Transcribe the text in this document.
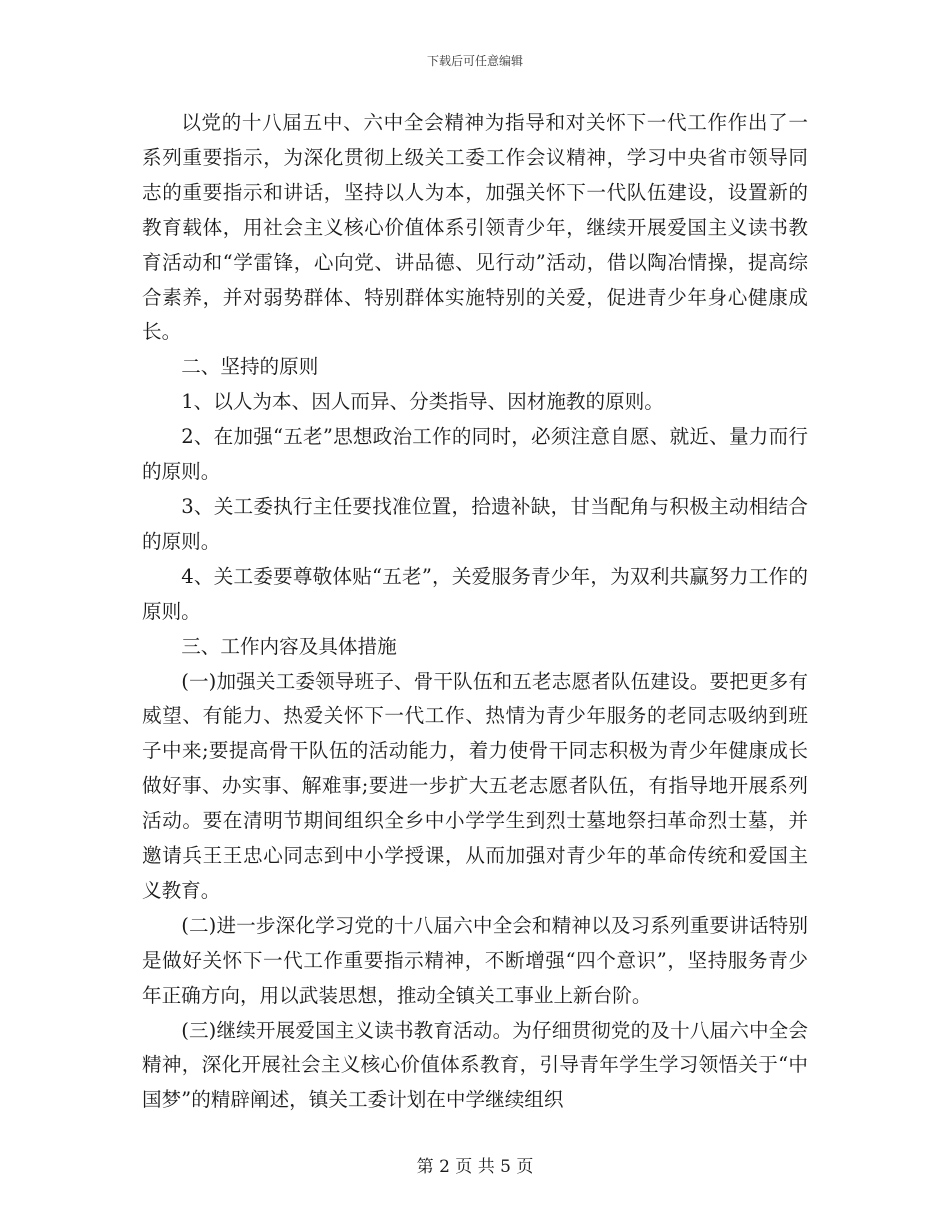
下载后可任意编辑

以党的十八届五中、六中全会精神为指导和对关怀下一代工作作出了一系列重要指示，为深化贯彻上级关工委工作会议精神，学习中央省市领导同志的重要指示和讲话，坚持以人为本，加强关怀下一代队伍建设，设置新的教育载体，用社会主义核心价值体系引领青少年，继续开展爱国主义读书教育活动和“学雷锋，心向党、讲品德、见行动”活动，借以陶冶情操，提高综合素养，并对弱势群体、特别群体实施特别的关爱，促进青少年身心健康成长。

二、坚持的原则

1、以人为本、因人而异、分类指导、因材施教的原则。

2、在加强“五老”思想政治工作的同时，必须注意自愿、就近、量力而行的原则。

3、关工委执行主任要找准位置，拾遗补缺，甘当配角与积极主动相结合的原则。

4、关工委要尊敬体贴“五老”，关爱服务青少年，为双利共赢努力工作的原则。

三、工作内容及具体措施

(一)加强关工委领导班子、骨干队伍和五老志愿者队伍建设。要把更多有威望、有能力、热爱关怀下一代工作、热情为青少年服务的老同志吸纳到班子中来;要提高骨干队伍的活动能力，着力使骨干同志积极为青少年健康成长做好事、办实事、解难事;要进一步扩大五老志愿者队伍，有指导地开展系列活动。要在清明节期间组织全乡中小学学生到烈士墓地祭扫革命烈士墓，并邀请兵王王忠心同志到中小学授课，从而加强对青少年的革命传统和爱国主义教育。

(二)进一步深化学习党的十八届六中全会和精神以及习系列重要讲话特别是做好关怀下一代工作重要指示精神，不断增强“四个意识”，坚持服务青少年正确方向，用以武装思想，推动全镇关工事业上新台阶。

(三)继续开展爱国主义读书教育活动。为仔细贯彻党的及十八届六中全会精神，深化开展社会主义核心价值体系教育，引导青年学生学习领悟关于“中国梦”的精辟阐述，镇关工委计划在中学继续组织

第 2 页 共 5 页
